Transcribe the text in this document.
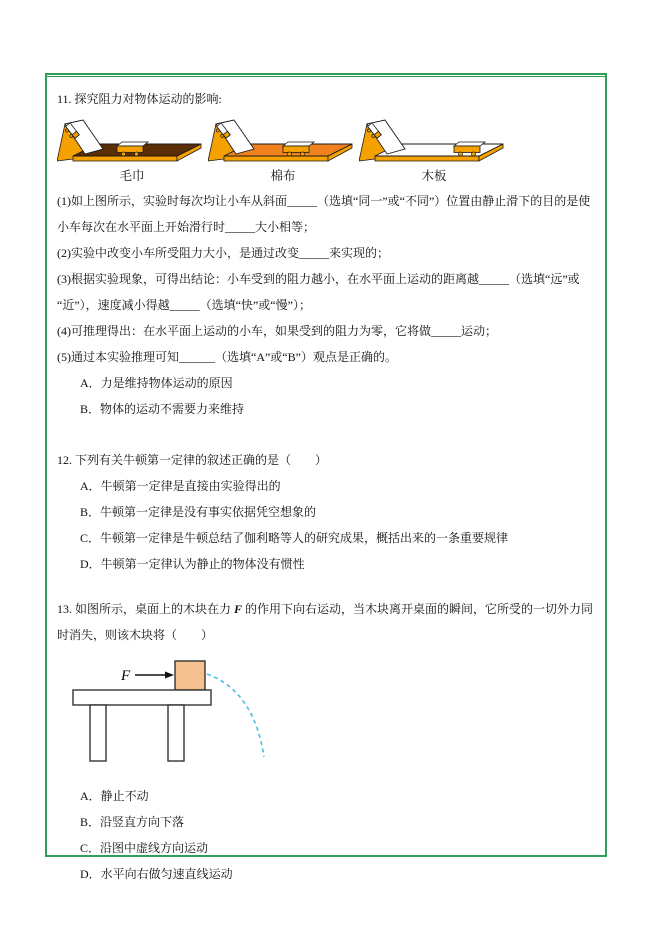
11. 探究阻力对物体运动的影响:
毛巾	棉布	木板

(1)如上图所示，实验时每次均让小车从斜面_____（选填“同一”或“不同”）位置由静止滑下的目的是使小车每次在水平面上开始滑行时_____大小相等；

(2)实验中改变小车所受阻力大小，是通过改变_____来实现的；

(3)根据实验现象，可得出结论：小车受到的阻力越小，在水平面上运动的距离越_____（选填“远”或“近”），速度减小得越_____（选填“快”或“慢”）；

(4)可推理得出：在水平面上运动的小车，如果受到的阻力为零，它将做_____运动；

(5)通过本实验推理可知______（选填“A”或“B”）观点是正确的。

A．力是维持物体运动的原因
B．物体的运动不需要力来维持

12. 下列有关牛顿第一定律的叙述正确的是（　　）

A．牛顿第一定律是直接由实验得出的
B．牛顿第一定律是没有事实依据凭空想象的
C．牛顿第一定律是牛顿总结了伽利略等人的研究成果，概括出来的一条重要规律
D．牛顿第一定律认为静止的物体没有惯性

13. 如图所示，桌面上的木块在力 F 的作用下向右运动，当木块离开桌面的瞬间，它所受的一切外力同时消失，则该木块将（　　）

F
A．静止不动
B．沿竖直方向下落
C．沿图中虚线方向运动
D．水平向右做匀速直线运动
